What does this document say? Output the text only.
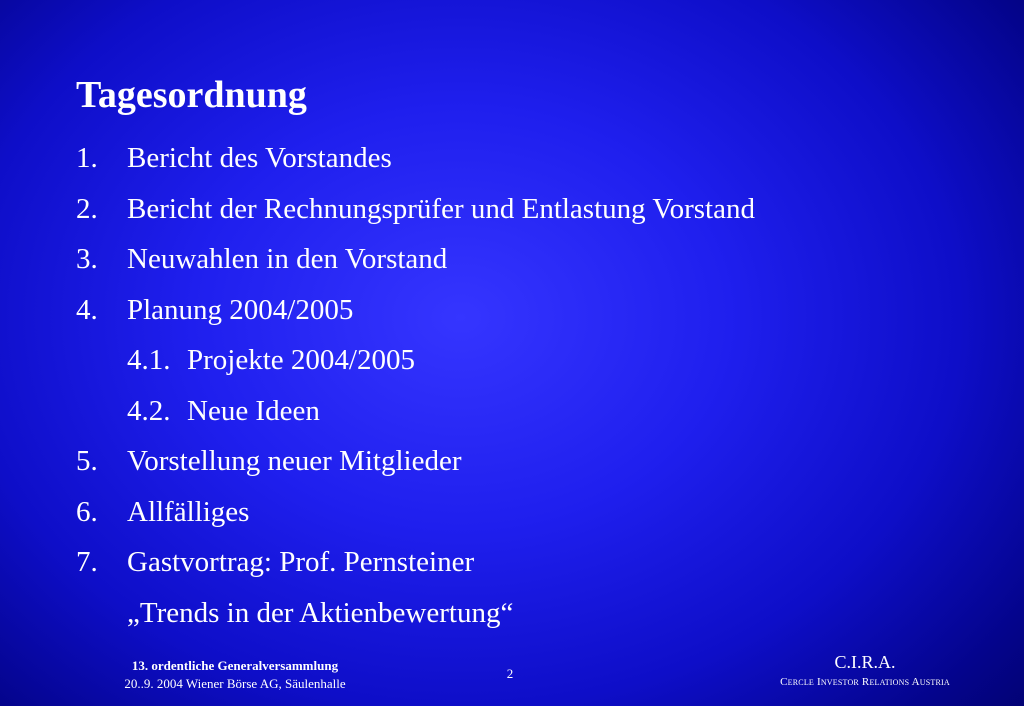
Tagesordnung
1.	Bericht des Vorstandes
2.	Bericht der Rechnungsprüfer und Entlastung Vorstand
3.	Neuwahlen in den Vorstand
4.	Planung 2004/2005
4.1. Projekte 2004/2005
4.2. Neue Ideen
5.	Vorstellung neuer Mitglieder
6.	Allfälliges
7.	Gastvortrag: Prof. Pernsteiner
„Trends in der Aktienbewertung“
13. ordentliche Generalversammlung
20..9. 2004 Wiener Börse AG, Säulenhalle
2
C.I.R.A.
Cercle Investor Relations Austria
